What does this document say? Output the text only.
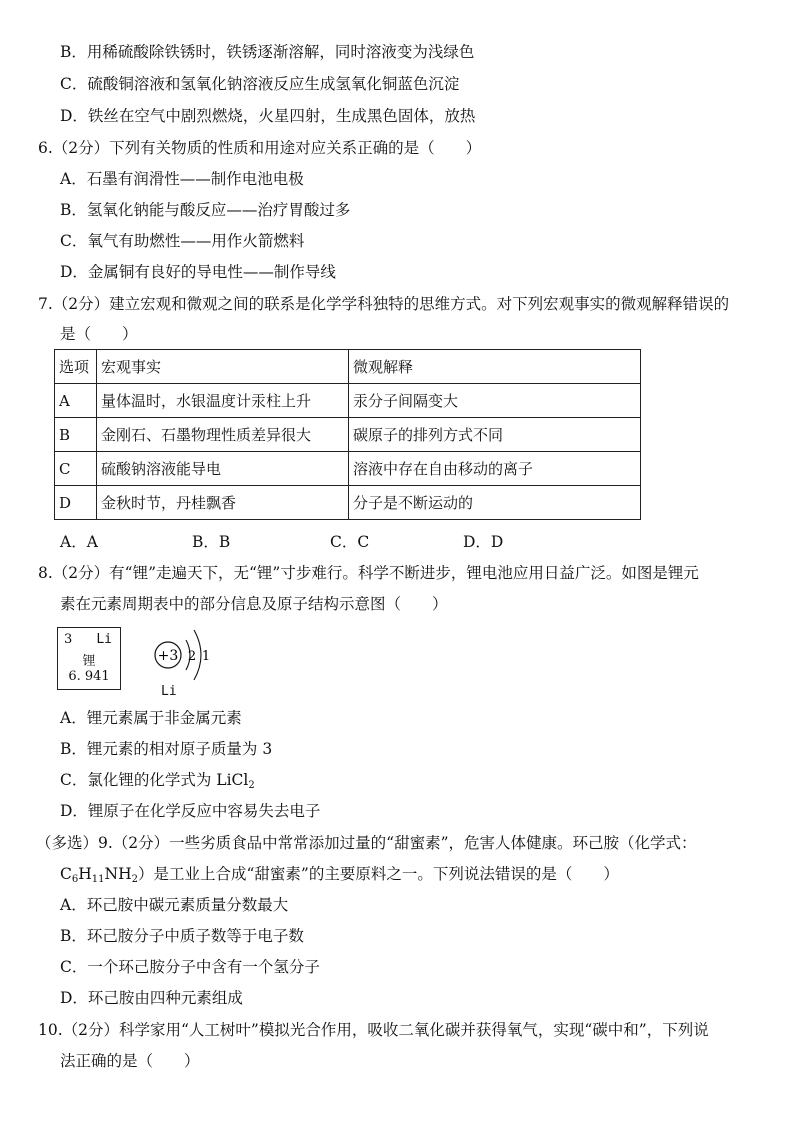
B．用稀硫酸除铁锈时，铁锈逐渐溶解，同时溶液变为浅绿色
C．硫酸铜溶液和氢氧化钠溶液反应生成氢氧化铜蓝色沉淀
D．铁丝在空气中剧烈燃烧，火星四射，生成黑色固体，放热
6.（2分）下列有关物质的性质和用途对应关系正确的是（　　）
A．石墨有润滑性——制作电池电极
B．氢氧化钠能与酸反应——治疗胃酸过多
C．氧气有助燃性——用作火箭燃料
D．金属铜有良好的导电性——制作导线
7.（2分）建立宏观和微观之间的联系是化学学科独特的思维方式。对下列宏观事实的微观解释错误的
是（　　）
选项	宏观事实	微观解释
A	量体温时，水银温度计汞柱上升	汞分子间隔变大
B	金刚石、石墨物理性质差异很大	碳原子的排列方式不同
C	硫酸钠溶液能导电	溶液中存在自由移动的离子
D	金秋时节，丹桂飘香	分子是不断运动的
A．A	B．B	C．C	D．D
8.（2分）有“锂”走遍天下，无“锂”寸步难行。科学不断进步，锂电池应用日益广泛。如图是锂元
素在元素周期表中的部分信息及原子结构示意图（　　）
3 Li
锂
6. 941
+3 2 1
Li
A．锂元素属于非金属元素
B．锂元素的相对原子质量为 3
C．氯化锂的化学式为 LiCl$_2$
D．锂原子在化学反应中容易失去电子
（多选）9.（2分）一些劣质食品中常常添加过量的“甜蜜素”，危害人体健康。环己胺（化学式：
$C_6H_{11}NH_2$）是工业上合成“甜蜜素”的主要原料之一。下列说法错误的是（　　）
A．环己胺中碳元素质量分数最大
B．环己胺分子中质子数等于电子数
C．一个环己胺分子中含有一个氢分子
D．环己胺由四种元素组成
10.（2分）科学家用“人工树叶”模拟光合作用，吸收二氧化碳并获得氧气，实现“碳中和”，下列说
法正确的是（　　）
